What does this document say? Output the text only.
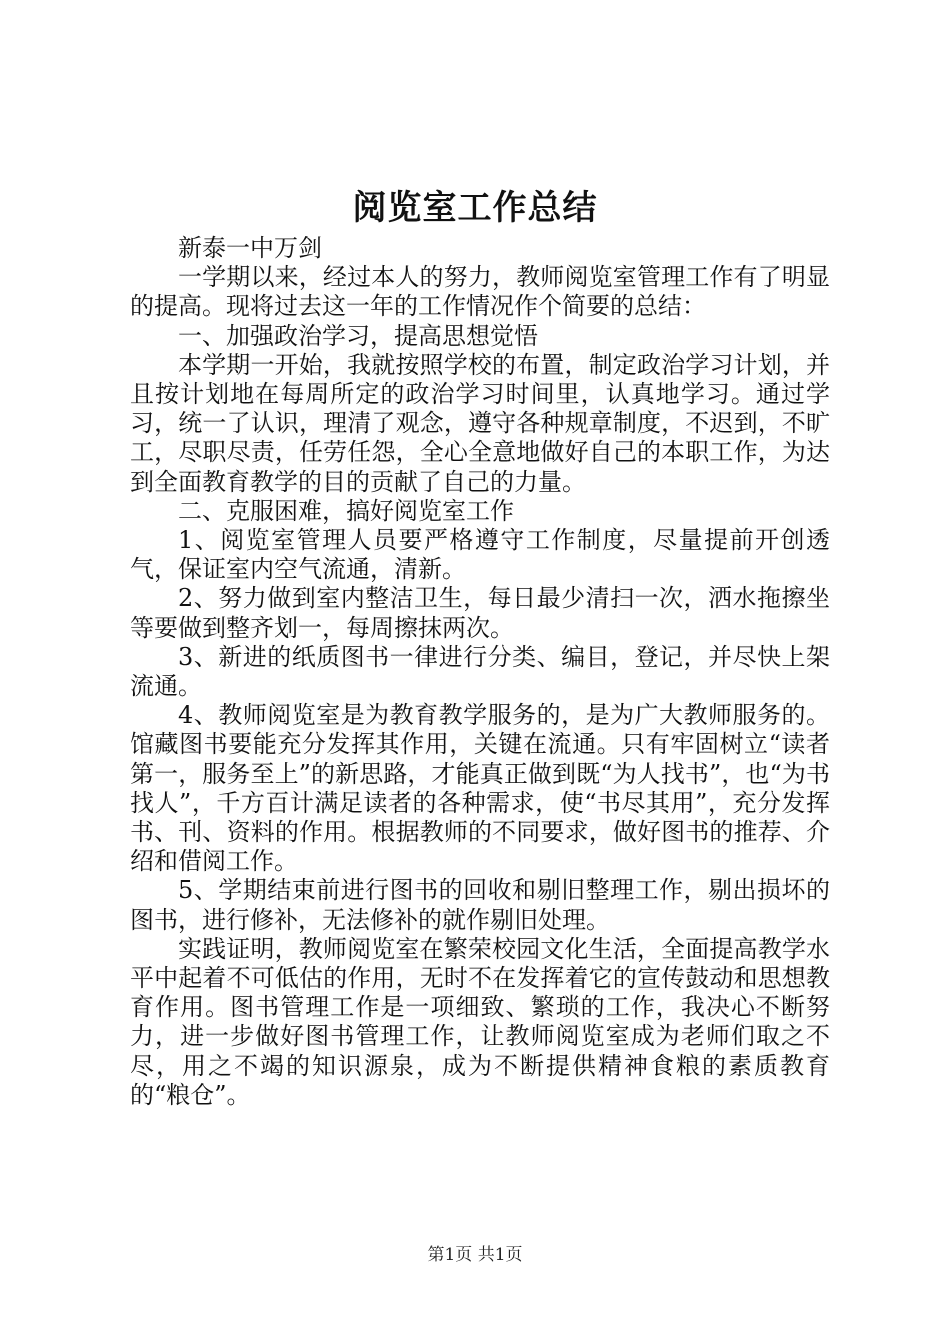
阅览室工作总结

新泰一中万剑

一学期以来，经过本人的努力，教师阅览室管理工作有了明显的提高。现将过去这一年的工作情况作个简要的总结：

一、加强政治学习，提高思想觉悟

本学期一开始，我就按照学校的布置，制定政治学习计划，并且按计划地在每周所定的政治学习时间里，认真地学习。通过学习，统一了认识，理清了观念，遵守各种规章制度，不迟到，不旷工，尽职尽责，任劳任怨，全心全意地做好自己的本职工作，为达到全面教育教学的目的贡献了自己的力量。

二、克服困难，搞好阅览室工作

1、阅览室管理人员要严格遵守工作制度，尽量提前开创透气，保证室内空气流通，清新。

2、努力做到室内整洁卫生，每日最少清扫一次，洒水拖擦坐等要做到整齐划一，每周擦抹两次。

3、新进的纸质图书一律进行分类、编目，登记，并尽快上架流通。

4、教师阅览室是为教育教学服务的，是为广大教师服务的。馆藏图书要能充分发挥其作用，关键在流通。只有牢固树立“读者第一，服务至上”的新思路，才能真正做到既“为人找书”，也“为书找人”，千方百计满足读者的各种需求，使“书尽其用”，充分发挥书、刊、资料的作用。根据教师的不同要求，做好图书的推荐、介绍和借阅工作。

5、学期结束前进行图书的回收和剔旧整理工作，剔出损坏的图书，进行修补，无法修补的就作剔旧处理。

实践证明，教师阅览室在繁荣校园文化生活，全面提高教学水平中起着不可低估的作用，无时不在发挥着它的宣传鼓动和思想教育作用。图书管理工作是一项细致、繁琐的工作，我决心不断努力，进一步做好图书管理工作，让教师阅览室成为老师们取之不尽，用之不竭的知识源泉，成为不断提供精神食粮的素质教育的“粮仓”。

第1页 共1页
